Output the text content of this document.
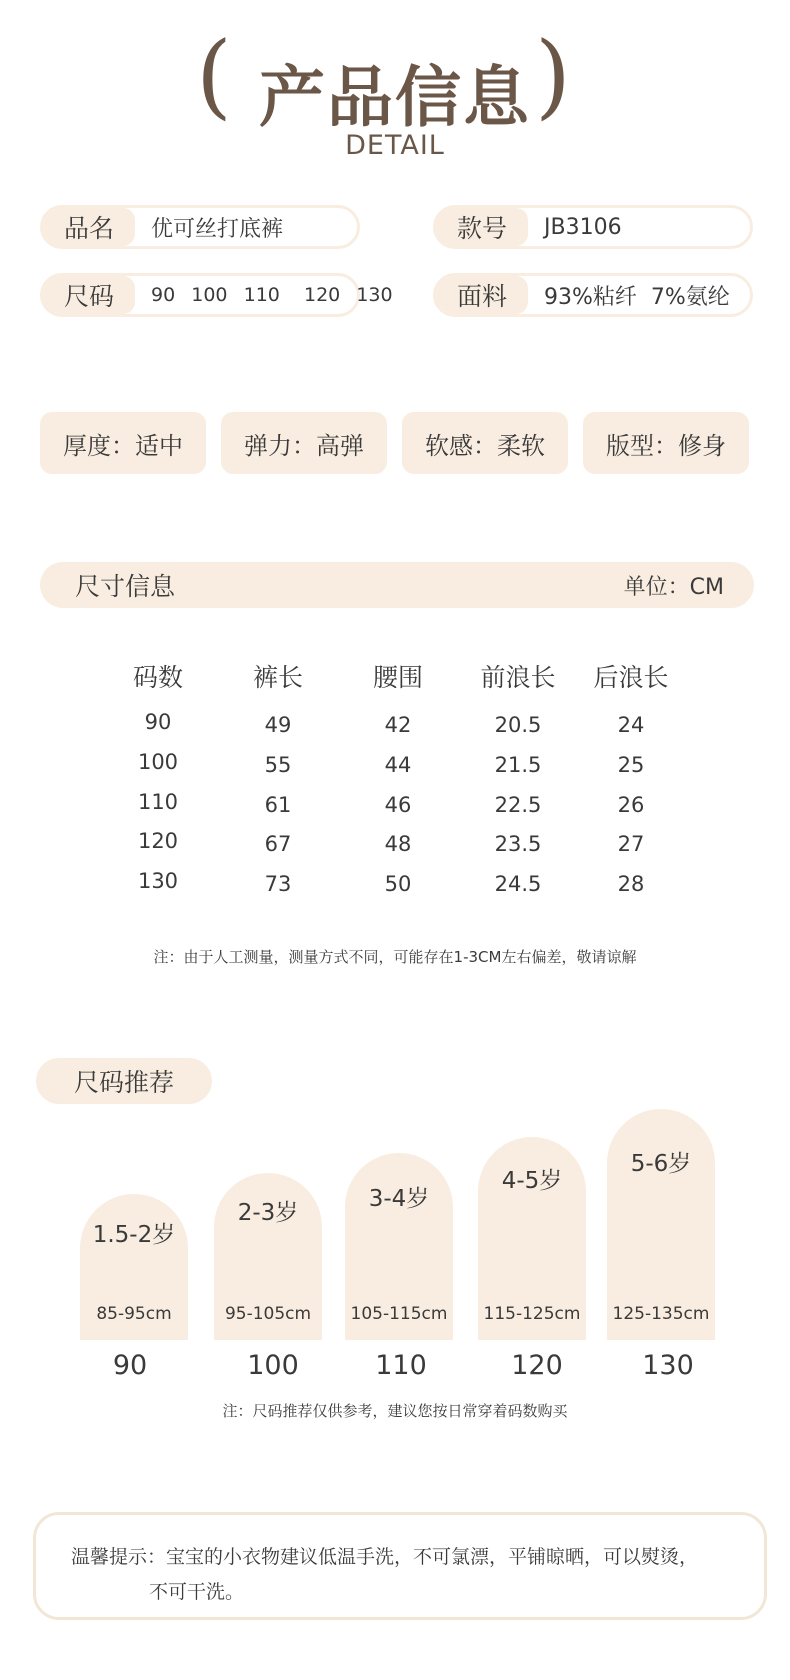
( 产品信息 )
DETAIL
品名	优可丝打底裤	款号	JB3106
尺码	90  100  110   120  130	面料	93%粘纤  7%氨纶
厚度：适中	弹力：高弹	软感：柔软	版型：修身
尺寸信息	单位：CM
码数	裤长	腰围	前浪长	后浪长
90	49	42	20.5	24
100	55	44	21.5	25
110	61	46	22.5	26
120	67	48	23.5	27
130	73	50	24.5	28
注：由于人工测量，测量方式不同，可能存在1-3CM左右偏差，敬请谅解
尺码推荐
1.5-2岁
2-3岁
3-4岁
4-5岁
5-6岁
85-95cm	95-105cm	105-115cm	115-125cm	125-135cm
90	100	110	120	130
注：尺码推荐仅供参考，建议您按日常穿着码数购买
温馨提示：宝宝的小衣物建议低温手洗，不可氯漂，平铺晾晒，可以熨烫，
不可干洗。
